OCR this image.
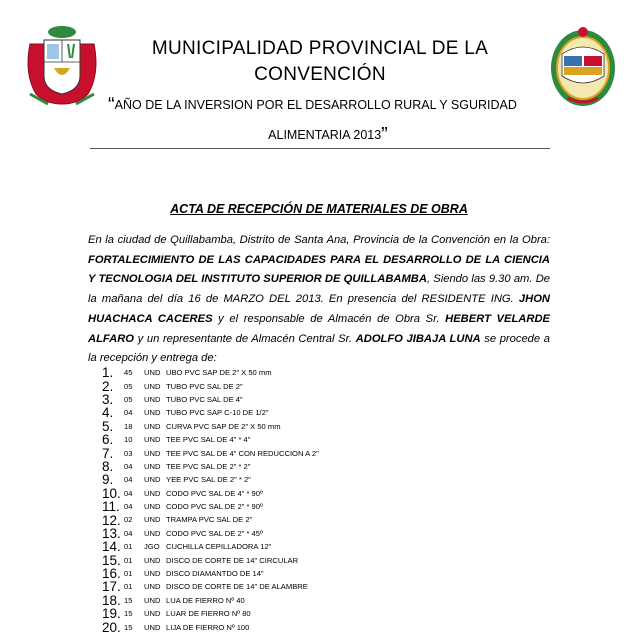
MUNICIPALIDAD PROVINCIAL DE LA
CONVENCIÓN
“AÑO DE LA INVERSION POR EL DESARROLLO RURAL Y SGURIDAD
ALIMENTARIA 2013”
ACTA DE RECEPCIÓN DE MATERIALES DE OBRA
En la ciudad de Quillabamba, Distrito de Santa Ana, Provincia de la Convención en la Obra: FORTALECIMIENTO DE LAS CAPACIDADES PARA EL DESARROLLO DE LA CIENCIA Y TECNOLOGIA DEL INSTITUTO SUPERIOR DE QUILLABAMBA, Siendo las 9.30 am. De la mañana del día 16 de MARZO DEL 2013. En presencia del RESIDENTE ING. JHON HUACHACA CACERES y el responsable de Almacén de Obra Sr. HEBERT VELARDE ALFARO y un representante de Almacén Central Sr. ADOLFO JIBAJA LUNA se procede a la recepción y entrega de:
1.	45	UND UBO PVC SAP DE 2" X 50 mm
2.	05	UND TUBO PVC SAL DE 2"
3.	05	UND TUBO PVC SAL DE 4"
4.	04	UND TUBO PVC SAP C-10 DE 1/2"
5.	18	UND CURVA PVC SAP DE 2" X 50 mm
6.	10	UND TEE PVC SAL DE 4" * 4"
7.	03	UND TEE PVC SAL DE 4" CON REDUCCION A 2"
8.	04	UND TEE PVC SAL DE 2" * 2"
9.	04	UND YEE PVC SAL DE 2" * 2"
10. 04	UND CODO PVC SAL DE 4" * 90º
11. 04	UND CODO PVC SAL DE 2" * 90º
12. 02	UND TRAMPA PVC SAL DE 2"
13. 04	UND CODO PVC SAL DE 2" * 45º
14. 01	JGO CUCHILLA CEPILLADORA 12"
15. 01	UND DISCO DE CORTE DE 14" CIRCULAR
16. 01	UND DISCO DIAMANTDO DE 14"
17. 01	UND DISCO DE CORTE DE 14" DE ALAMBRE
18. 15	UND LUA DE FIERRO Nº 40
19. 15	UND LUAR DE FIERRO Nº 80
20. 15	UND LIJA DE FIERRO Nº 100
